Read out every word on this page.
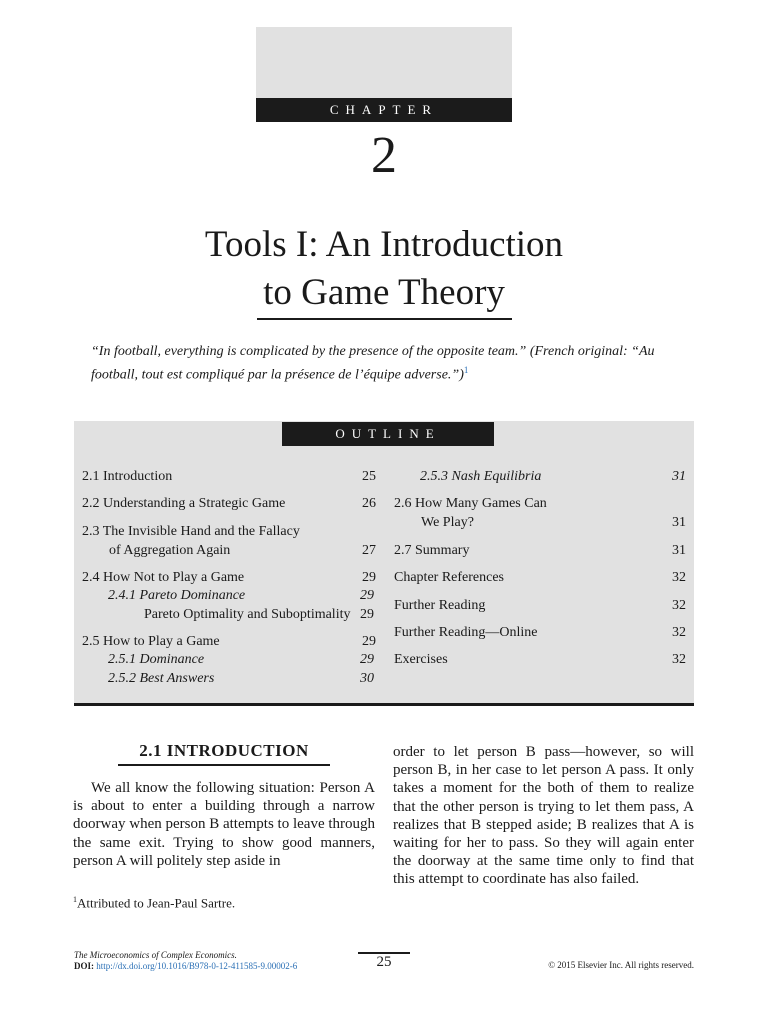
CHAPTER
2
Tools I: An Introduction
to Game Theory
“In football, everything is complicated by the presence of the opposite team.” (French original: “Au football, tout est compliqué par la présence de l’équipe adverse.”)$^1$
OUTLINE
2.1 Introduction	25
2.2 Understanding a Strategic Game	26
2.3 The Invisible Hand and the Fallacy
of Aggregation Again	27
2.4 How Not to Play a Game	29
2.4.1 Pareto Dominance	29
Pareto Optimality and Suboptimality 29
2.5 How to Play a Game	29
2.5.1 Dominance	29
2.5.2 Best Answers	30
2.5.3 Nash Equilibria	31
2.6 How Many Games Can
We Play?	31
2.7 Summary	31
Chapter References	32
Further Reading	32
Further Reading—Online	32
Exercises	32
2.1 INTRODUCTION

We all know the following situation: Person A is about to enter a building through a narrow doorway when person B attempts to leave through the same exit. Trying to show good manners, person A will politely step aside in

order to let person B pass—however, so will person B, in her case to let person A pass. It only takes a moment for the both of them to realize that the other person is trying to let them pass, A realizes that B stepped aside; B realizes that A is waiting for her to pass. So they will again enter the doorway at the same time only to find that this attempt to coordinate has also failed.

$^1$Attributed to Jean-Paul Sartre.
The Microeconomics of Complex Economics.
DOI: http://dx.doi.org/10.1016/B978-0-12-411585-9.00002-6	25	© 2015 Elsevier Inc. All rights reserved.
